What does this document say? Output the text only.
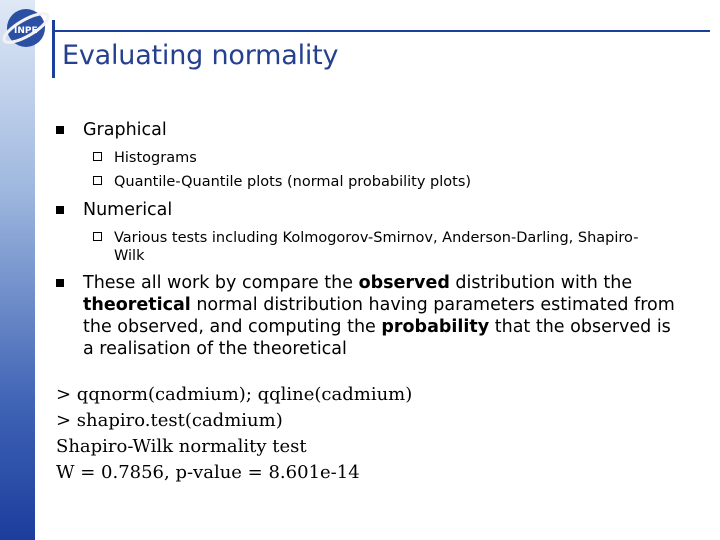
INPE
Evaluating normality
Graphical
Histograms
Quantile-Quantile plots (normal probability plots)
Numerical
Various tests including Kolmogorov-Smirnov, Anderson-Darling, Shapiro-Wilk
These all work by compare the observed distribution with the theoretical normal distribution having parameters estimated from the observed, and computing the probability that the observed is a realisation of the theoretical
> qqnorm(cadmium); qqline(cadmium)
> shapiro.test(cadmium)
Shapiro-Wilk normality test
W = 0.7856, p-value = 8.601e-14
